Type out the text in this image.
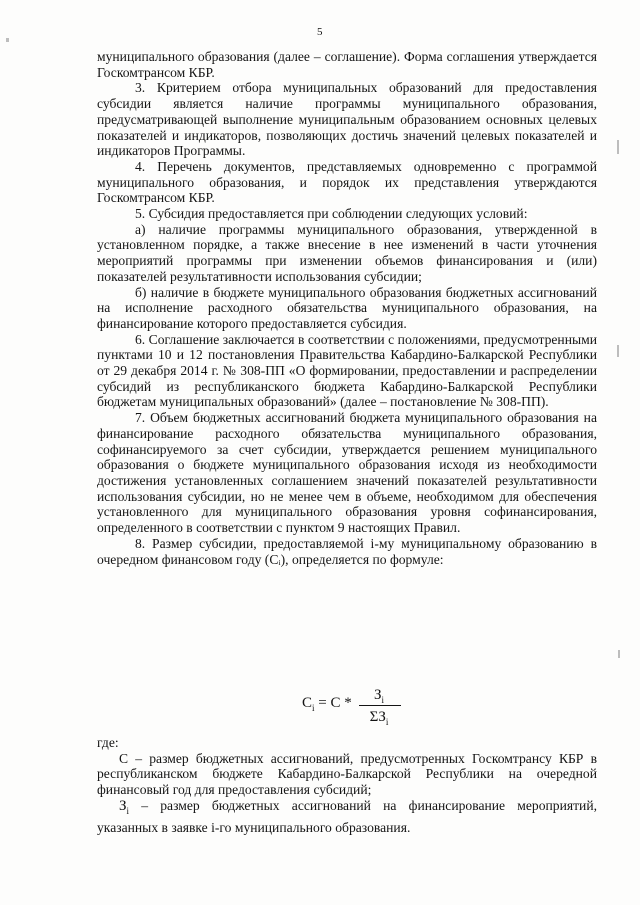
5

муниципального образования (далее – соглашение). Форма соглашения утверждается Госкомтрансом КБР.

3. Критерием отбора муниципальных образований для предоставления субсидии является наличие программы муниципального образования, предусматривающей выполнение муниципальным образованием основных целевых показателей и индикаторов, позволяющих достичь значений целевых показателей и индикаторов Программы.

4. Перечень документов, представляемых одновременно с программой муниципального образования, и порядок их представления утверждаются Госкомтрансом КБР.

5. Субсидия предоставляется при соблюдении следующих условий:

а) наличие программы муниципального образования, утвержденной в установленном порядке, а также внесение в нее изменений в части уточнения мероприятий программы при изменении объемов финансирования и (или) показателей результативности использования субсидии;

б) наличие в бюджете муниципального образования бюджетных ассигнований на исполнение расходного обязательства муниципального образования, на финансирование которого предоставляется субсидия.

6. Соглашение заключается в соответствии с положениями, предусмотренными пунктами 10 и 12 постановления Правительства Кабардино-Балкарской Республики от 29 декабря 2014 г. № 308-ПП «О формировании, предоставлении и распределении субсидий из республиканского бюджета Кабардино-Балкарской Республики бюджетам муниципальных образований» (далее – постановление № 308-ПП).

7. Объем бюджетных ассигнований бюджета муниципального образования на финансирование расходного обязательства муниципального образования, софинансируемого за счет субсидии, утверждается решением муниципального образования о бюджете муниципального образования исходя из необходимости достижения установленных соглашением значений показателей результативности использования субсидии, но не менее чем в объеме, необходимом для обеспечения установленного для муниципального образования уровня софинансирования, определенного в соответствии с пунктом 9 настоящих Правил.

8. Размер субсидии, предоставляемой i-му муниципальному образованию в очередном финансовом году (Cᵢ), определяется по формуле:

$C_i = C$ *	$З_i$
$\Sigma З_i$

где:

С – размер бюджетных ассигнований, предусмотренных Госкомтрансу КБР в республиканском бюджете Кабардино-Балкарской Республики на очередной финансовый год для предоставления субсидий;

$З_i$ – размер бюджетных ассигнований на финансирование мероприятий, указанных в заявке i-го муниципального образования.
